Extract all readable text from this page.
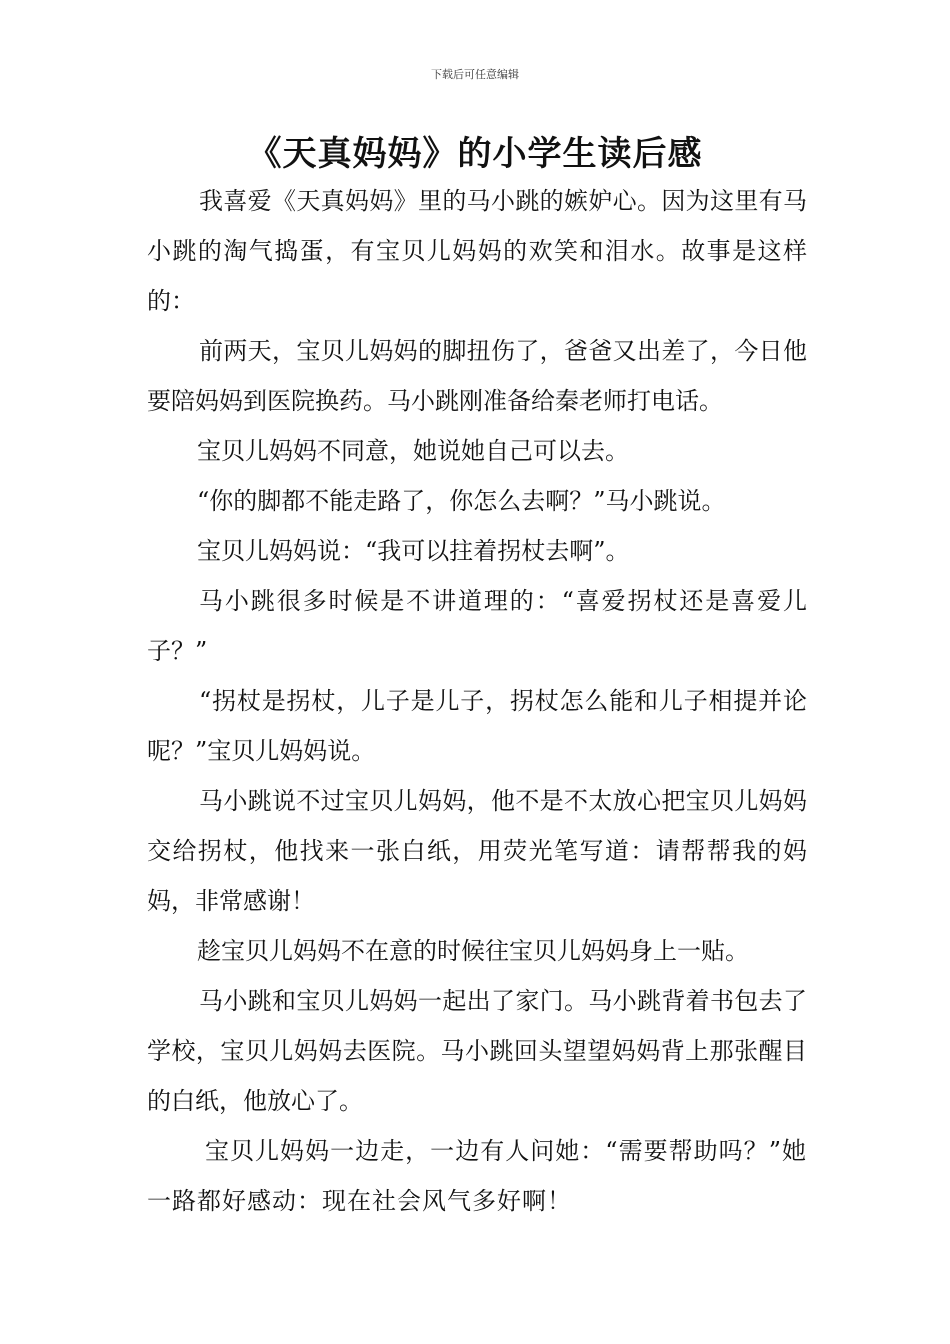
下载后可任意编辑
《天真妈妈》的小学生读后感

我喜爱《天真妈妈》里的马小跳的嫉妒心。因为这里有马小跳的淘气捣蛋，有宝贝儿妈妈的欢笑和泪水。故事是这样的：

前两天，宝贝儿妈妈的脚扭伤了，爸爸又出差了，今日他要陪妈妈到医院换药。马小跳刚准备给秦老师打电话。

宝贝儿妈妈不同意，她说她自己可以去。

“你的脚都不能走路了，你怎么去啊？”马小跳说。

宝贝儿妈妈说：“我可以拄着拐杖去啊”。

马小跳很多时候是不讲道理的：“喜爱拐杖还是喜爱儿子？”

“拐杖是拐杖，儿子是儿子，拐杖怎么能和儿子相提并论呢？”宝贝儿妈妈说。

马小跳说不过宝贝儿妈妈，他不是不太放心把宝贝儿妈妈交给拐杖，他找来一张白纸，用荧光笔写道：请帮帮我的妈妈，非常感谢！

趁宝贝儿妈妈不在意的时候往宝贝儿妈妈身上一贴。

马小跳和宝贝儿妈妈一起出了家门。马小跳背着书包去了学校，宝贝儿妈妈去医院。马小跳回头望望妈妈背上那张醒目的白纸，他放心了。

宝贝儿妈妈一边走，一边有人问她：“需要帮助吗？”她一路都好感动：现在社会风气多好啊！
